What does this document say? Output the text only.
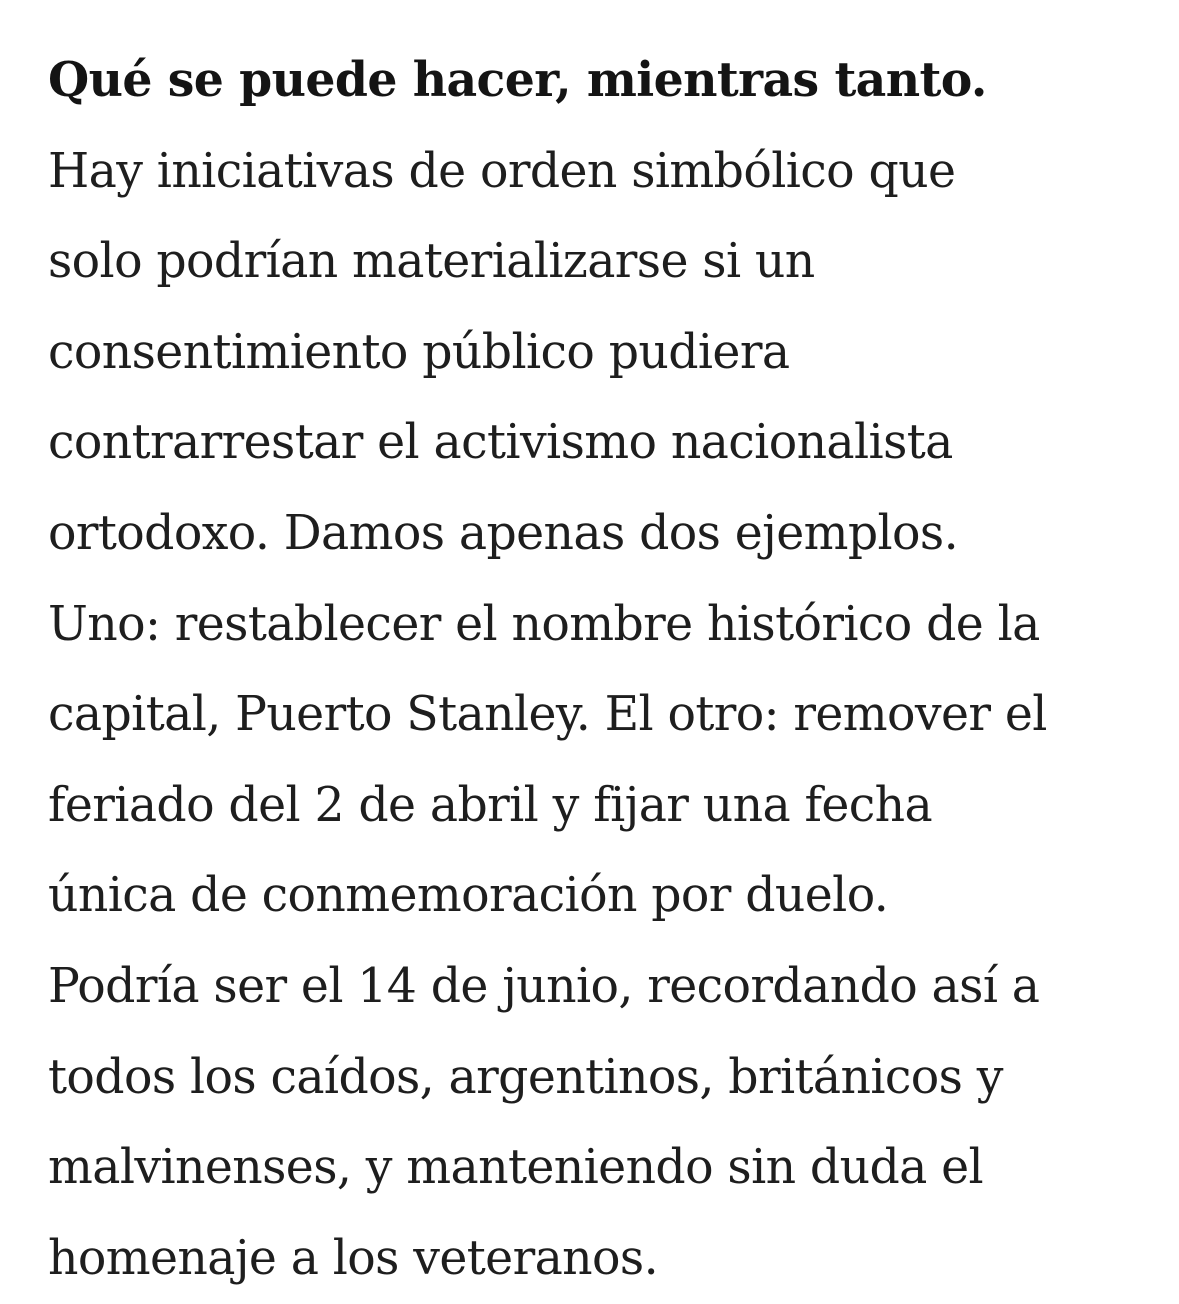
Qué se puede hacer, mientras tanto.
Hay iniciativas de orden simbólico que
solo podrían materializarse si un
consentimiento público pudiera
contrarrestar el activismo nacionalista
ortodoxo. Damos apenas dos ejemplos.
Uno: restablecer el nombre histórico de la
capital, Puerto Stanley. El otro: remover el
feriado del 2 de abril y fijar una fecha
única de conmemoración por duelo.
Podría ser el 14 de junio, recordando así a
todos los caídos, argentinos, británicos y
malvinenses, y manteniendo sin duda el
homenaje a los veteranos.
